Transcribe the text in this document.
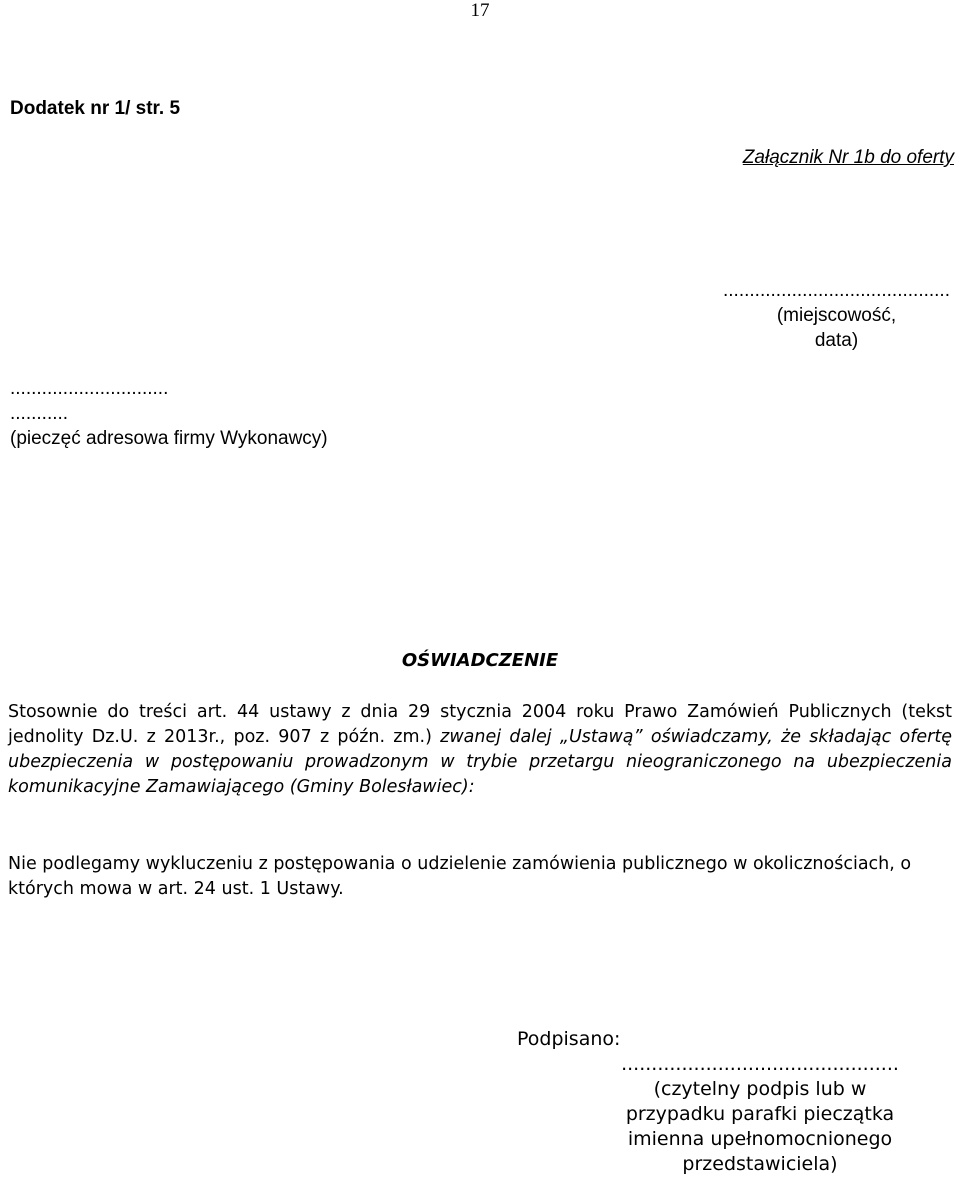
17
Dodatek nr 1/ str. 5
Załącznik Nr 1b do oferty
...........................................
(miejscowość,
data)
..............................
...........
(pieczęć adresowa firmy Wykonawcy)
OŚWIADCZENIE

Stosownie do treści art. 44 ustawy z dnia 29 stycznia 2004 roku Prawo Zamówień Publicznych (tekst jednolity Dz.U. z 2013r., poz. 907 z późn. zm.) zwanej dalej „Ustawą” oświadczamy, że składając ofertę ubezpieczenia w postępowaniu prowadzonym w trybie przetargu nieograniczonego na ubezpieczenia komunikacyjne Zamawiającego (Gminy Bolesławiec):

Nie podlegamy wykluczeniu z postępowania o udzielenie zamówienia publicznego w okolicznościach, o których mowa w art. 24 ust. 1 Ustawy.

Podpisano:
..............................................
(czytelny podpis lub w
przypadku parafki pieczątka
imienna upełnomocnionego
przedstawiciela)
